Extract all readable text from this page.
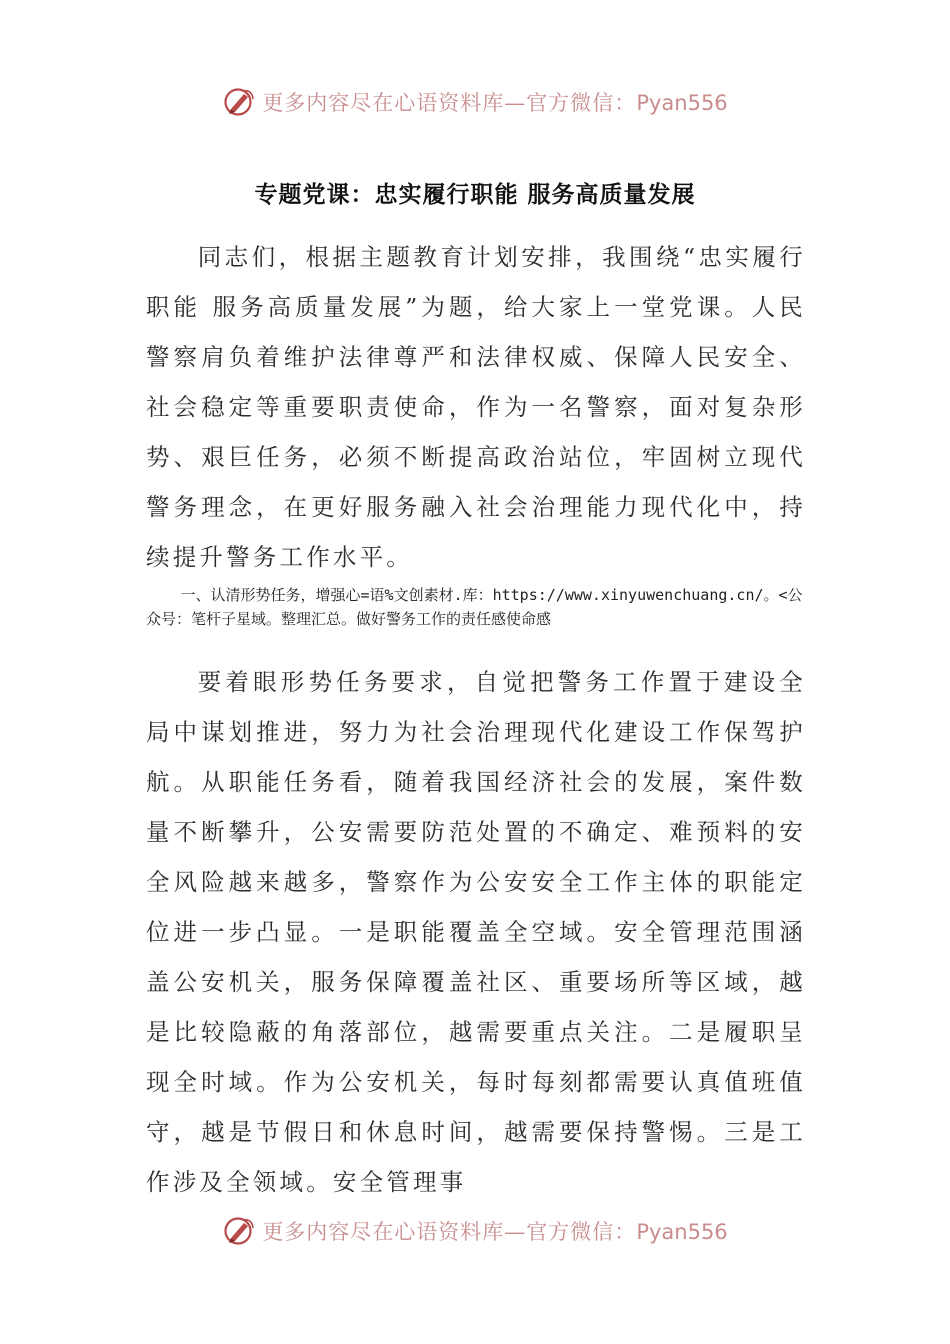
更多内容尽在心语资料库—官方微信：Pyan556
专题党课：忠实履行职能 服务高质量发展

同志们，根据主题教育计划安排，我围绕“忠实履行职能 服务高质量发展”为题，给大家上一堂党课。人民警察肩负着维护法律尊严和法律权威、保障人民安全、社会稳定等重要职责使命，作为一名警察，面对复杂形势、艰巨任务，必须不断提高政治站位，牢固树立现代警务理念，在更好服务融入社会治理能力现代化中，持续提升警务工作水平。

一、认清形势任务，增强心=语%文创素材.库：https://www.xinyuwenchuang.cn/。<公众号：笔杆子星域。整理汇总。做好警务工作的责任感使命感

要着眼形势任务要求，自觉把警务工作置于建设全局中谋划推进，努力为社会治理现代化建设工作保驾护航。从职能任务看，随着我国经济社会的发展，案件数量不断攀升，公安需要防范处置的不确定、难预料的安全风险越来越多，警察作为公安安全工作主体的职能定位进一步凸显。一是职能覆盖全空域。安全管理范围涵盖公安机关，服务保障覆盖社区、重要场所等区域，越是比较隐蔽的角落部位，越需要重点关注。二是履职呈现全时域。作为公安机关，每时每刻都需要认真值班值守，越是节假日和休息时间，越需要保持警惕。三是工作涉及全领域。安全管理事

更多内容尽在心语资料库—官方微信：Pyan556
